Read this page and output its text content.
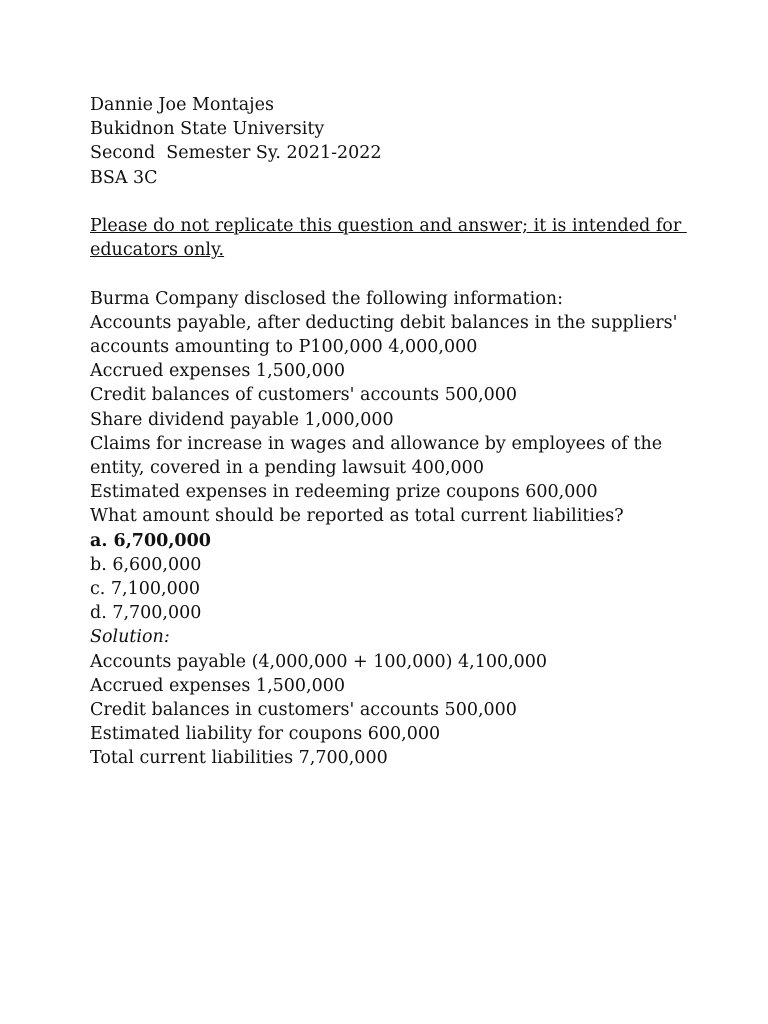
Dannie Joe Montajes
Bukidnon State University
Second  Semester Sy. 2021-2022
BSA 3C
Please do not replicate this question and answer; it is intended for
educators only.
Burma Company disclosed the following information:
Accounts payable, after deducting debit balances in the suppliers'
accounts amounting to P100,000 4,000,000
Accrued expenses 1,500,000
Credit balances of customers' accounts 500,000
Share dividend payable 1,000,000
Claims for increase in wages and allowance by employees of the
entity, covered in a pending lawsuit 400,000
Estimated expenses in redeeming prize coupons 600,000
What amount should be reported as total current liabilities?
a. 6,700,000
b. 6,600,000
c. 7,100,000
d. 7,700,000
Solution:
Accounts payable (4,000,000 + 100,000) 4,100,000
Accrued expenses 1,500,000
Credit balances in customers' accounts 500,000
Estimated liability for coupons 600,000
Total current liabilities 7,700,000
